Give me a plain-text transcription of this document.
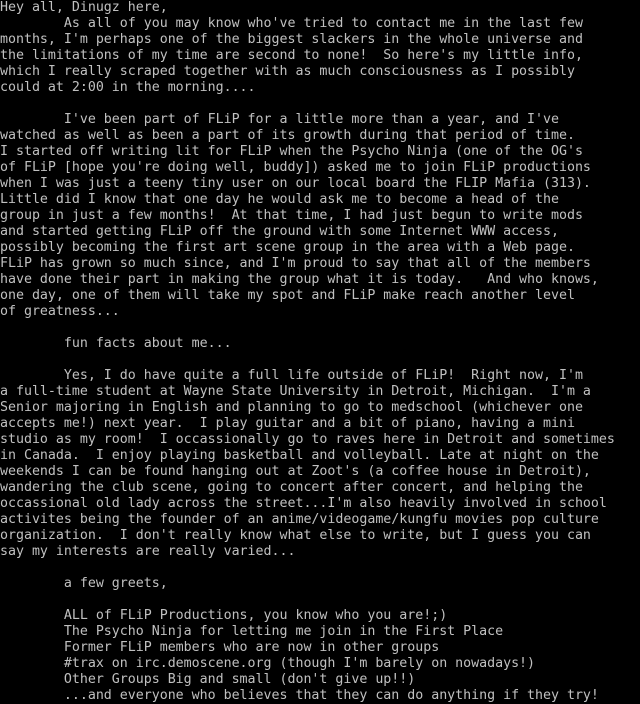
Hey all, Dinugz here,
As all of you may know who've tried to contact me in the last few
months, I'm perhaps one of the biggest slackers in the whole universe and
the limitations of my time are second to none!  So here's my little info,
which I really scraped together with as much consciousness as I possibly
could at 2:00 in the morning....
I've been part of FLiP for a little more than a year, and I've
watched as well as been a part of its growth during that period of time.
I started off writing lit for FLiP when the Psycho Ninja (one of the OG's
of FLiP [hope you're doing well, buddy]) asked me to join FLiP productions
when I was just a teeny tiny user on our local board the FLIP Mafia (313).
Little did I know that one day he would ask me to become a head of the
group in just a few months!  At that time, I had just begun to write mods
and started getting FLiP off the ground with some Internet WWW access,
possibly becoming the first art scene group in the area with a Web page.
FLiP has grown so much since, and I'm proud to say that all of the members
have done their part in making the group what it is today.   And who knows,
one day, one of them will take my spot and FLiP make reach another level
of greatness...
fun facts about me...
Yes, I do have quite a full life outside of FLiP!  Right now, I'm
a full-time student at Wayne State University in Detroit, Michigan.  I'm a
Senior majoring in English and planning to go to medschool (whichever one
accepts me!) next year.  I play guitar and a bit of piano, having a mini
studio as my room!  I occassionally go to raves here in Detroit and sometimes
in Canada.  I enjoy playing basketball and volleyball. Late at night on the
weekends I can be found hanging out at Zoot's (a coffee house in Detroit),
wandering the club scene, going to concert after concert, and helping the
occassional old lady across the street...I'm also heavily involved in school
activites being the founder of an anime/videogame/kungfu movies pop culture
organization.  I don't really know what else to write, but I guess you can
say my interests are really varied...
a few greets,
ALL of FLiP Productions, you know who you are!;)
The Psycho Ninja for letting me join in the First Place
Former FLiP members who are now in other groups
#trax on irc.demoscene.org (though I'm barely on nowadays!)
Other Groups Big and small (don't give up!!)
...and everyone who believes that they can do anything if they try!
